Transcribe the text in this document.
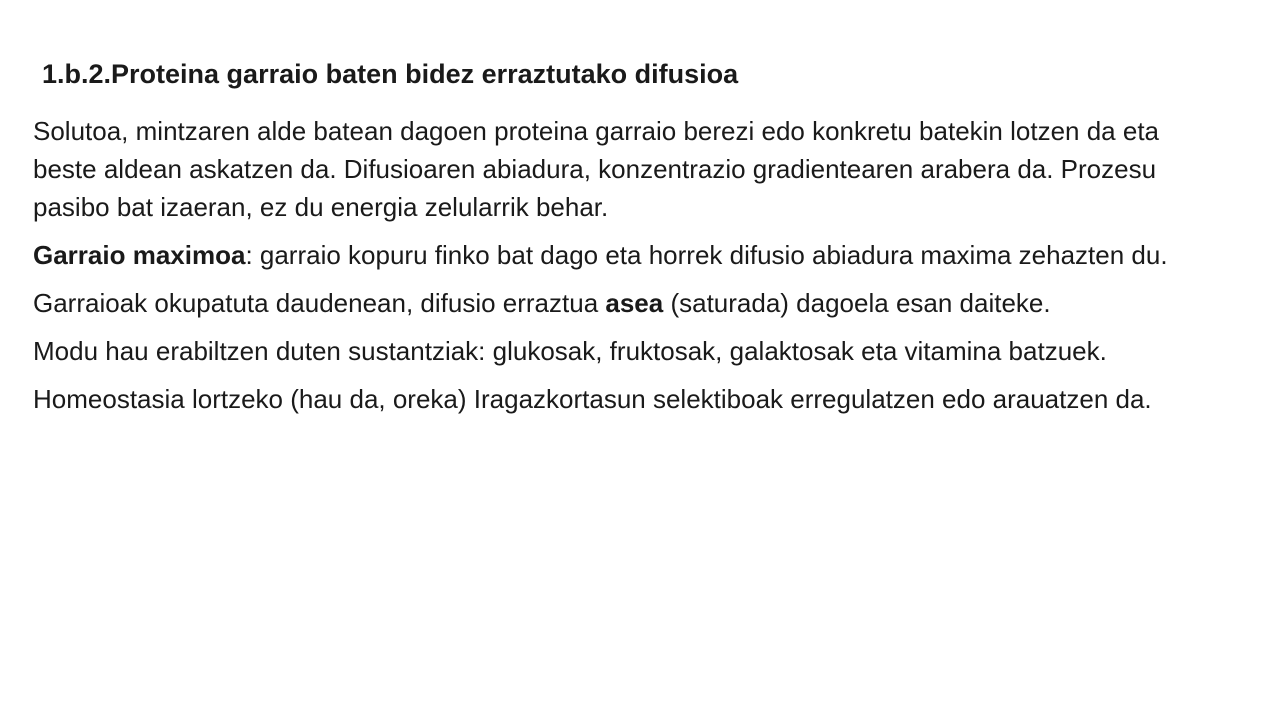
1.b.2.Proteina garraio baten bidez erraztutako difusioa

Solutoa, mintzaren alde batean dagoen proteina garraio berezi edo konkretu batekin lotzen da eta beste aldean askatzen da. Difusioaren abiadura, konzentrazio gradientearen arabera da. Prozesu pasibo bat izaeran, ez du energia zelularrik behar.

Garraio maximoa: garraio kopuru finko bat dago eta horrek difusio abiadura maxima zehazten du.

Garraioak okupatuta daudenean, difusio erraztua asea (saturada) dagoela esan daiteke.

Modu hau erabiltzen duten sustantziak: glukosak, fruktosak, galaktosak eta vitamina batzuek.

Homeostasia lortzeko (hau da, oreka) Iragazkortasun selektiboak erregulatzen edo arauatzen da.
